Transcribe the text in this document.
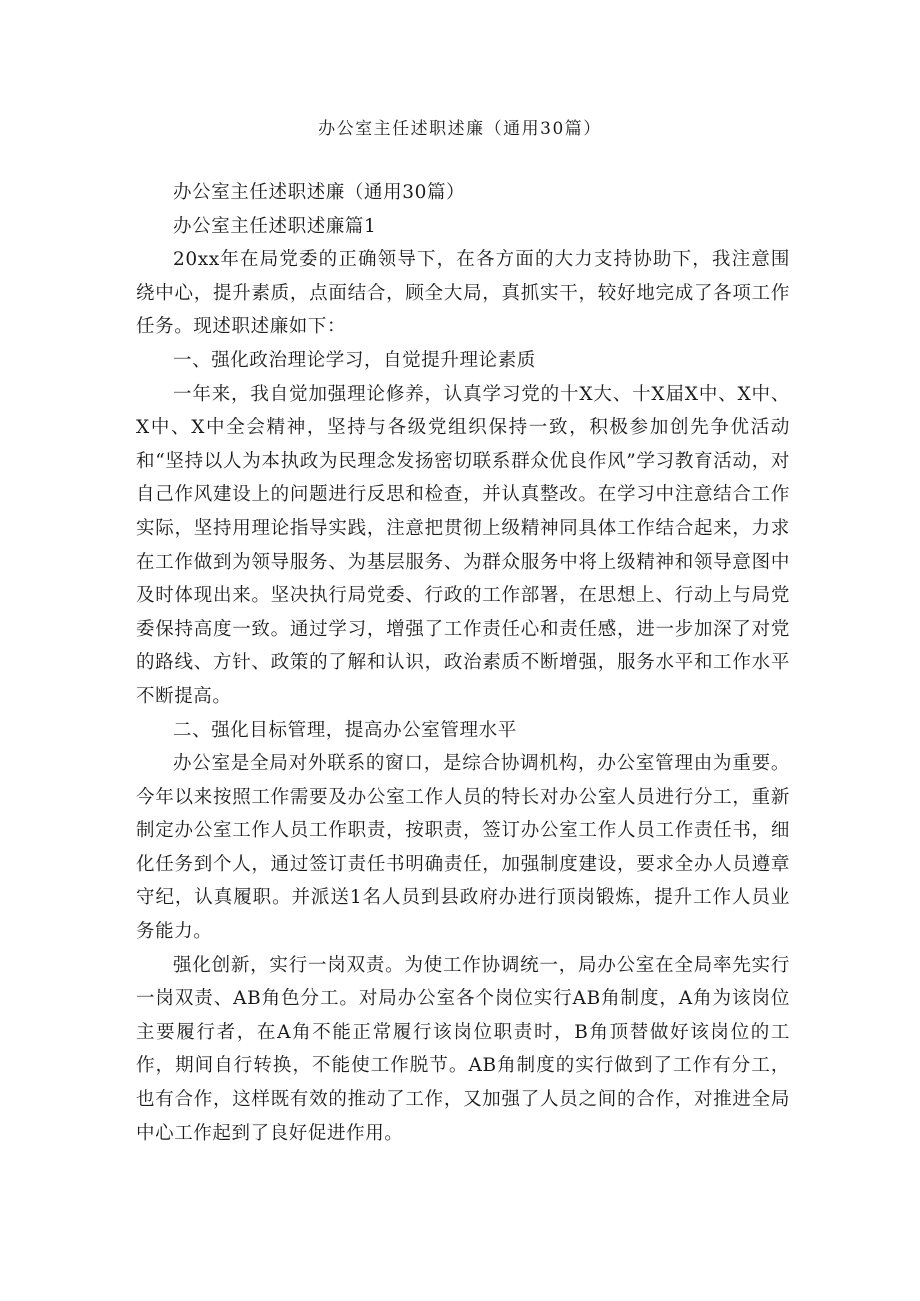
办公室主任述职述廉（通用30篇）

办公室主任述职述廉（通用30篇）

办公室主任述职述廉篇1

20xx年在局党委的正确领导下，在各方面的大力支持协助下，我注意围绕中心，提升素质，点面结合，顾全大局，真抓实干，较好地完成了各项工作任务。现述职述廉如下：

一、强化政治理论学习，自觉提升理论素质

一年来，我自觉加强理论修养，认真学习党的十X大、十X届X中、X中、X中、X中全会精神，坚持与各级党组织保持一致，积极参加创先争优活动和“坚持以人为本执政为民理念发扬密切联系群众优良作风”学习教育活动，对自己作风建设上的问题进行反思和检查，并认真整改。在学习中注意结合工作实际，坚持用理论指导实践，注意把贯彻上级精神同具体工作结合起来，力求在工作做到为领导服务、为基层服务、为群众服务中将上级精神和领导意图中及时体现出来。坚决执行局党委、行政的工作部署，在思想上、行动上与局党委保持高度一致。通过学习，增强了工作责任心和责任感，进一步加深了对党的路线、方针、政策的了解和认识，政治素质不断增强，服务水平和工作水平不断提高。

二、强化目标管理，提高办公室管理水平

办公室是全局对外联系的窗口，是综合协调机构，办公室管理由为重要。今年以来按照工作需要及办公室工作人员的特长对办公室人员进行分工，重新制定办公室工作人员工作职责，按职责，签订办公室工作人员工作责任书，细化任务到个人，通过签订责任书明确责任，加强制度建设，要求全办人员遵章守纪，认真履职。并派送1名人员到县政府办进行顶岗锻炼，提升工作人员业务能力。

强化创新，实行一岗双责。为使工作协调统一，局办公室在全局率先实行一岗双责、AB角色分工。对局办公室各个岗位实行AB角制度，A角为该岗位主要履行者，在A角不能正常履行该岗位职责时，B角顶替做好该岗位的工作，期间自行转换，不能使工作脱节。AB角制度的实行做到了工作有分工，也有合作，这样既有效的推动了工作，又加强了人员之间的合作，对推进全局中心工作起到了良好促进作用。
